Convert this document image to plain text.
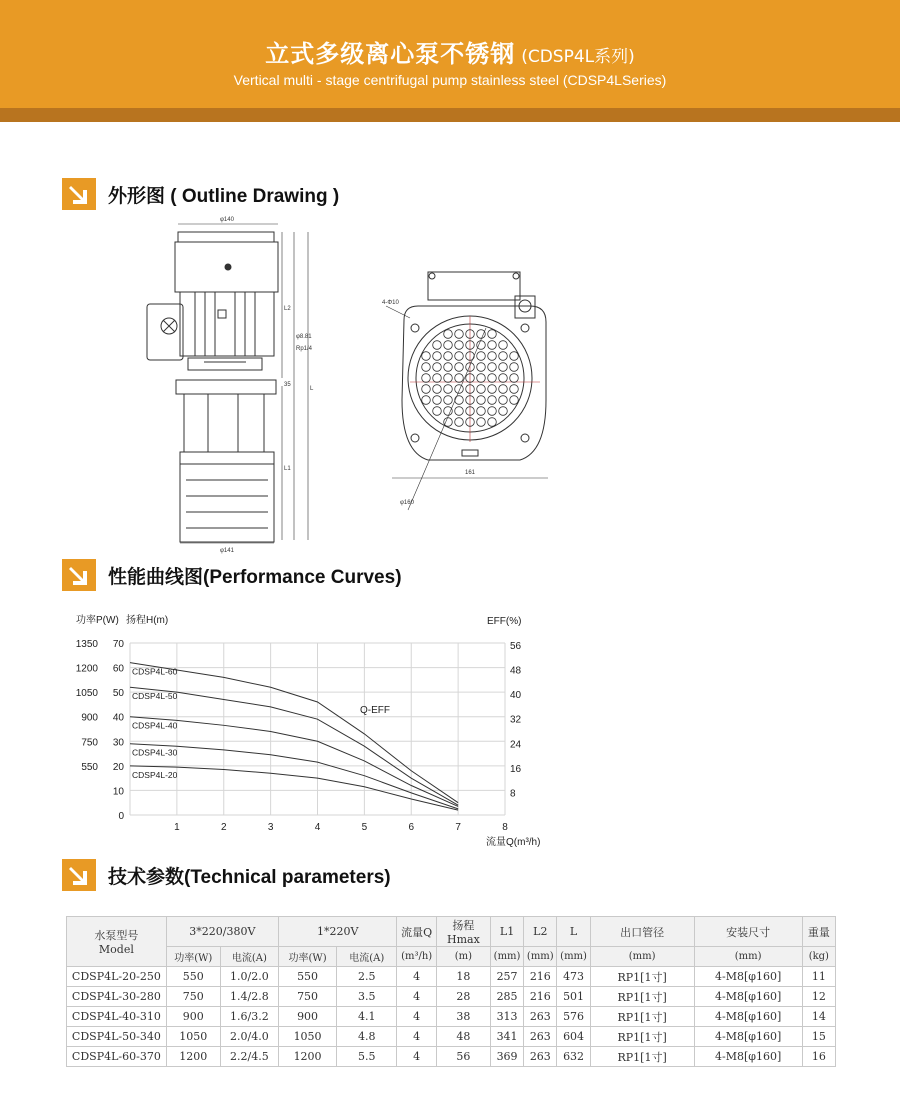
立式多级离心泵不锈钢 (CDSP4L系列)
Vertical multi - stage centrifugal pump stainless steel (CDSP4LSeries)
外形图 ( Outline Drawing )
φ140
φ141
L2
φ8.81
Rp1/4
35
L
L1
4-Φ10
161
φ160
性能曲线图(Performance Curves)
70
60
50
40
30
20
10
0
1350
1200
1050
900
750
550
56
48
40
32
24
16
8
1	2	3	4	5	6	7	8
功率P(W) 扬程H(m)	EFF(%)
流量Q(m³/h)
CDSP4L-60
CDSP4L-50
CDSP4L-40
CDSP4L-30
CDSP4L-20
Q-EFF
技术参数(Technical parameters)
水泵型号
Model	3*220/380V		1*220V		流量Q	扬程Hmax	L1	L2	L	出口管径	安装尺寸	重量
	功率(W)	电流(A)	功率(W)	电流(A)	(m³/h)	(m)	(mm)	(mm)	(mm)	(mm)	(mm)	(kg)
CDSP4L-20-250	550	1.0/2.0	550	2.5	4	18	257	216	473	RP1[1寸]	4-M8[φ160]	11
CDSP4L-30-280	750	1.4/2.8	750	3.5	4	28	285	216	501	RP1[1寸]	4-M8[φ160]	12
CDSP4L-40-310	900	1.6/3.2	900	4.1	4	38	313	263	576	RP1[1寸]	4-M8[φ160]	14
CDSP4L-50-340	1050	2.0/4.0	1050	4.8	4	48	341	263	604	RP1[1寸]	4-M8[φ160]	15
CDSP4L-60-370	1200	2.2/4.5	1200	5.5	4	56	369	263	632	RP1[1寸]	4-M8[φ160]	16
